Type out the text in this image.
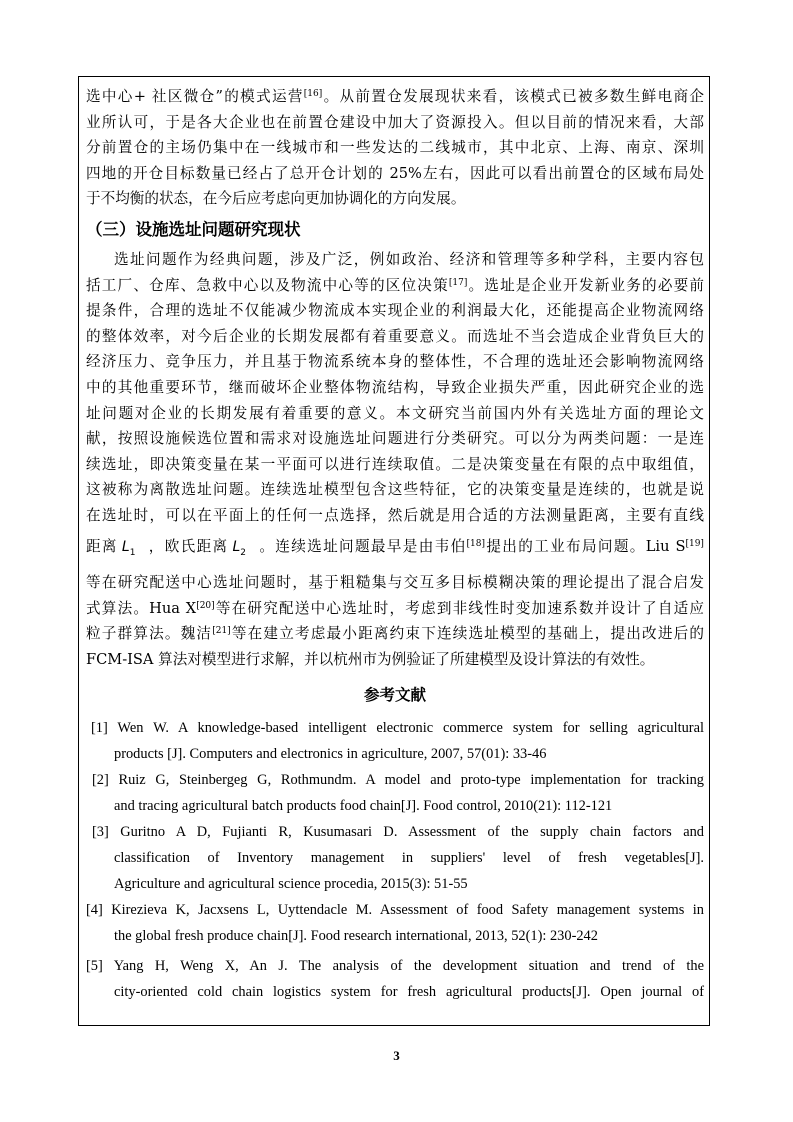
选中心+ 社区微仓”的模式运营[16]。从前置仓发展现状来看，该模式已被多数生鲜电商企
业所认可，于是各大企业也在前置仓建设中加大了资源投入。但以目前的情况来看，大部
分前置仓的主场仍集中在一线城市和一些发达的二线城市，其中北京、上海、南京、深圳
四地的开仓目标数量已经占了总开仓计划的 25%左右，因此可以看出前置仓的区域布局处
于不均衡的状态，在今后应考虑向更加协调化的方向发展。
（三）设施选址问题研究现状
选址问题作为经典问题，涉及广泛，例如政治、经济和管理等多种学科，主要内容包
括工厂、仓库、急救中心以及物流中心等的区位决策[17]。选址是企业开发新业务的必要前
提条件，合理的选址不仅能减少物流成本实现企业的利润最大化，还能提高企业物流网络
的整体效率，对今后企业的长期发展都有着重要意义。而选址不当会造成企业背负巨大的
经济压力、竞争压力，并且基于物流系统本身的整体性，不合理的选址还会影响物流网络
中的其他重要环节，继而破坏企业整体物流结构，导致企业损失严重，因此研究企业的选
址问题对企业的长期发展有着重要的意义。本文研究当前国内外有关选址方面的理论文
献，按照设施候选位置和需求对设施选址问题进行分类研究。可以分为两类问题：一是连
续选址，即决策变量在某一平面可以进行连续取值。二是决策变量在有限的点中取组值，
这被称为离散选址问题。连续选址模型包含这些特征，它的决策变量是连续的，也就是说
在选址时，可以在平面上的任何一点选择，然后就是用合适的方法测量距离，主要有直线
距离 $L_1$ ，欧氏距离 $L_2$ 。连续选址问题最早是由韦伯[18]提出的工业布局问题。Liu S[19]
等在研究配送中心选址问题时，基于粗糙集与交互多目标模糊决策的理论提出了混合启发
式算法。Hua X[20]等在研究配送中心选址时，考虑到非线性时变加速系数并设计了自适应
粒子群算法。魏洁[21]等在建立考虑最小距离约束下连续选址模型的基础上，提出改进后的
FCM-ISA 算法对模型进行求解，并以杭州市为例验证了所建模型及设计算法的有效性。
参考文献
[1] Wen W. A knowledge-based intelligent electronic commerce system for selling agricultural
products [J]. Computers and electronics in agriculture, 2007, 57(01): 33-46
[2] Ruiz G, Steinbergeg G, Rothmundm. A model and proto-type implementation for tracking
and tracing agricultural batch products food chain[J]. Food control, 2010(21): 112-121
[3] Guritno A D, Fujianti R, Kusumasari D. Assessment of the supply chain factors and
classification of Inventory management in suppliers' level of fresh vegetables[J].
Agriculture and agricultural science procedia, 2015(3): 51-55
[4] Kirezieva K, Jacxsens L, Uyttendacle M. Assessment of food Safety management systems in
the global fresh produce chain[J]. Food research international, 2013, 52(1): 230-242
[5] Yang H, Weng X, An J. The analysis of the development situation and trend of the
city-oriented cold chain logistics system for fresh agricultural products[J]. Open journal of
3
